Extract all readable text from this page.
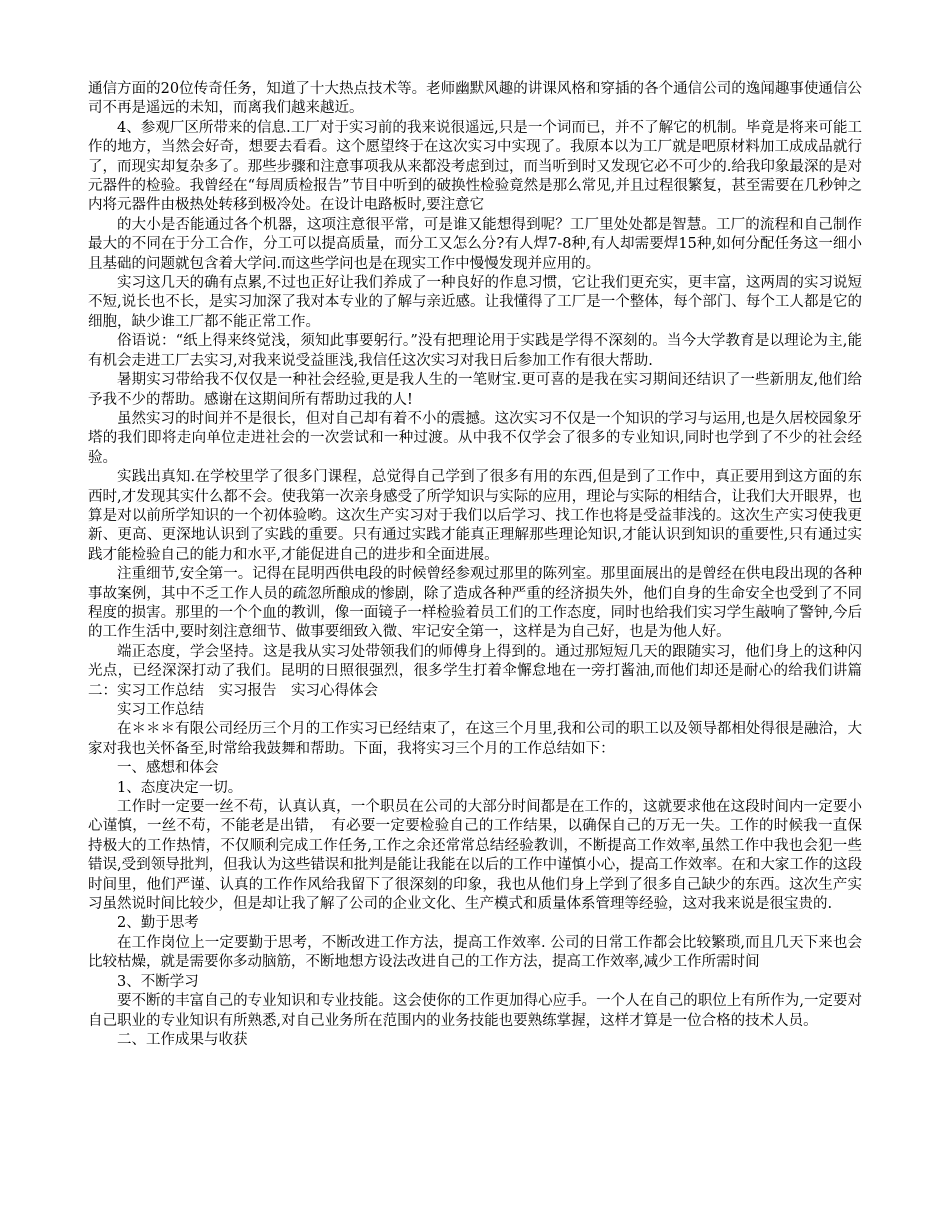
通信方面的20位传奇任务，知道了十大热点技术等。老师幽默风趣的讲课风格和穿插的各个通信公司的逸闻趣事使通信公司不再是遥远的未知，而离我们越来越近。

4、参观厂区所带来的信息.工厂对于实习前的我来说很遥远,只是一个词而已，并不了解它的机制。毕竟是将来可能工作的地方，当然会好奇，想要去看看。这个愿望终于在这次实习中实现了。我原本以为工厂就是吧原材料加工成成品就行了，而现实却复杂多了。那些步骤和注意事项我从来都没考虑到过，而当听到时又发现它必不可少的.给我印象最深的是对元器件的检验。我曾经在“每周质检报告”节目中听到的破换性检验竟然是那么常见,并且过程很繁复，甚至需要在几秒钟之内将元器件由极热处转移到极冷处。在设计电路板时,要注意它

的大小是否能通过各个机器，这项注意很平常，可是谁又能想得到呢？工厂里处处都是智慧。工厂的流程和自己制作最大的不同在于分工合作，分工可以提高质量，而分工又怎么分?有人焊7-8种,有人却需要焊15种,如何分配任务这一细小且基础的问题就包含着大学问.而这些学问也是在现实工作中慢慢发现并应用的。

实习这几天的确有点累,不过也正好让我们养成了一种良好的作息习惯，它让我们更充实，更丰富，这两周的实习说短不短,说长也不长，是实习加深了我对本专业的了解与亲近感。让我懂得了工厂是一个整体，每个部门、每个工人都是它的细胞，缺少谁工厂都不能正常工作。

俗语说：“纸上得来终觉浅，须知此事要躬行。”没有把理论用于实践是学得不深刻的。当今大学教育是以理论为主,能有机会走进工厂去实习,对我来说受益匪浅,我信任这次实习对我日后参加工作有很大帮助.

暑期实习带给我不仅仅是一种社会经验,更是我人生的一笔财宝.更可喜的是我在实习期间还结识了一些新朋友,他们给予我不少的帮助。感谢在这期间所有帮助过我的人!

虽然实习的时间并不是很长，但对自己却有着不小的震撼。这次实习不仅是一个知识的学习与运用,也是久居校园象牙塔的我们即将走向单位走进社会的一次尝试和一种过渡。从中我不仅学会了很多的专业知识,同时也学到了不少的社会经验。

实践出真知.在学校里学了很多门课程，总觉得自己学到了很多有用的东西,但是到了工作中，真正要用到这方面的东西时,才发现其实什么都不会。使我第一次亲身感受了所学知识与实际的应用，理论与实际的相结合，让我们大开眼界，也算是对以前所学知识的一个初体验哟。这次生产实习对于我们以后学习、找工作也将是受益菲浅的。这次生产实习使我更新、更高、更深地认识到了实践的重要。只有通过实践才能真正理解那些理论知识,才能认识到知识的重要性,只有通过实践才能检验自己的能力和水平,才能促进自己的进步和全面进展。

注重细节,安全第一。记得在昆明西供电段的时候曾经参观过那里的陈列室。那里面展出的是曾经在供电段出现的各种事故案例，其中不乏工作人员的疏忽所酿成的惨剧，除了造成各种严重的经济损失外，他们自身的生命安全也受到了不同程度的损害。那里的一个个血的教训，像一面镜子一样检验着员工们的工作态度，同时也给我们实习学生敲响了警钟,今后的工作生活中,要时刻注意细节、做事要细致入微、牢记安全第一，这样是为自己好，也是为他人好。

端正态度，学会坚持。这是我从实习处带领我们的师傅身上得到的。通过那短短几天的跟随实习，他们身上的这种闪光点，已经深深打动了我们。昆明的日照很强烈，很多学生打着伞懈怠地在一旁打酱油,而他们却还是耐心的给我们讲篇二：实习工作总结　实习报告　实习心得体会

实习工作总结

在＊＊＊有限公司经历三个月的工作实习已经结束了，在这三个月里,我和公司的职工以及领导都相处得很是融洽，大家对我也关怀备至,时常给我鼓舞和帮助。下面，我将实习三个月的工作总结如下：

一、感想和体会

1、态度决定一切。

工作时一定要一丝不苟，认真认真，一个职员在公司的大部分时间都是在工作的，这就要求他在这段时间内一定要小心谨慎，一丝不苟，不能老是出错，　有必要一定要检验自己的工作结果，以确保自己的万无一失。工作的时候我一直保持极大的工作热情，不仅顺利完成工作任务,工作之余还常常总结经验教训，不断提高工作效率,虽然工作中我也会犯一些错误,受到领导批判，但我认为这些错误和批判是能让我能在以后的工作中谨慎小心，提高工作效率。在和大家工作的这段时间里，他们严谨、认真的工作作风给我留下了很深刻的印象，我也从他们身上学到了很多自己缺少的东西。这次生产实习虽然说时间比较少，但是却让我了解了公司的企业文化、生产模式和质量体系管理等经验，这对我来说是很宝贵的.

2、勤于思考

在工作岗位上一定要勤于思考，不断改进工作方法，提高工作效率. 公司的日常工作都会比较繁琐,而且几天下来也会比较枯燥，就是需要你多动脑筋，不断地想方设法改进自己的工作方法，提高工作效率,减少工作所需时间

3、不断学习

要不断的丰富自己的专业知识和专业技能。这会使你的工作更加得心应手。一个人在自己的职位上有所作为,一定要对自己职业的专业知识有所熟悉,对自己业务所在范围内的业务技能也要熟练掌握，这样才算是一位合格的技术人员。

二、工作成果与收获
